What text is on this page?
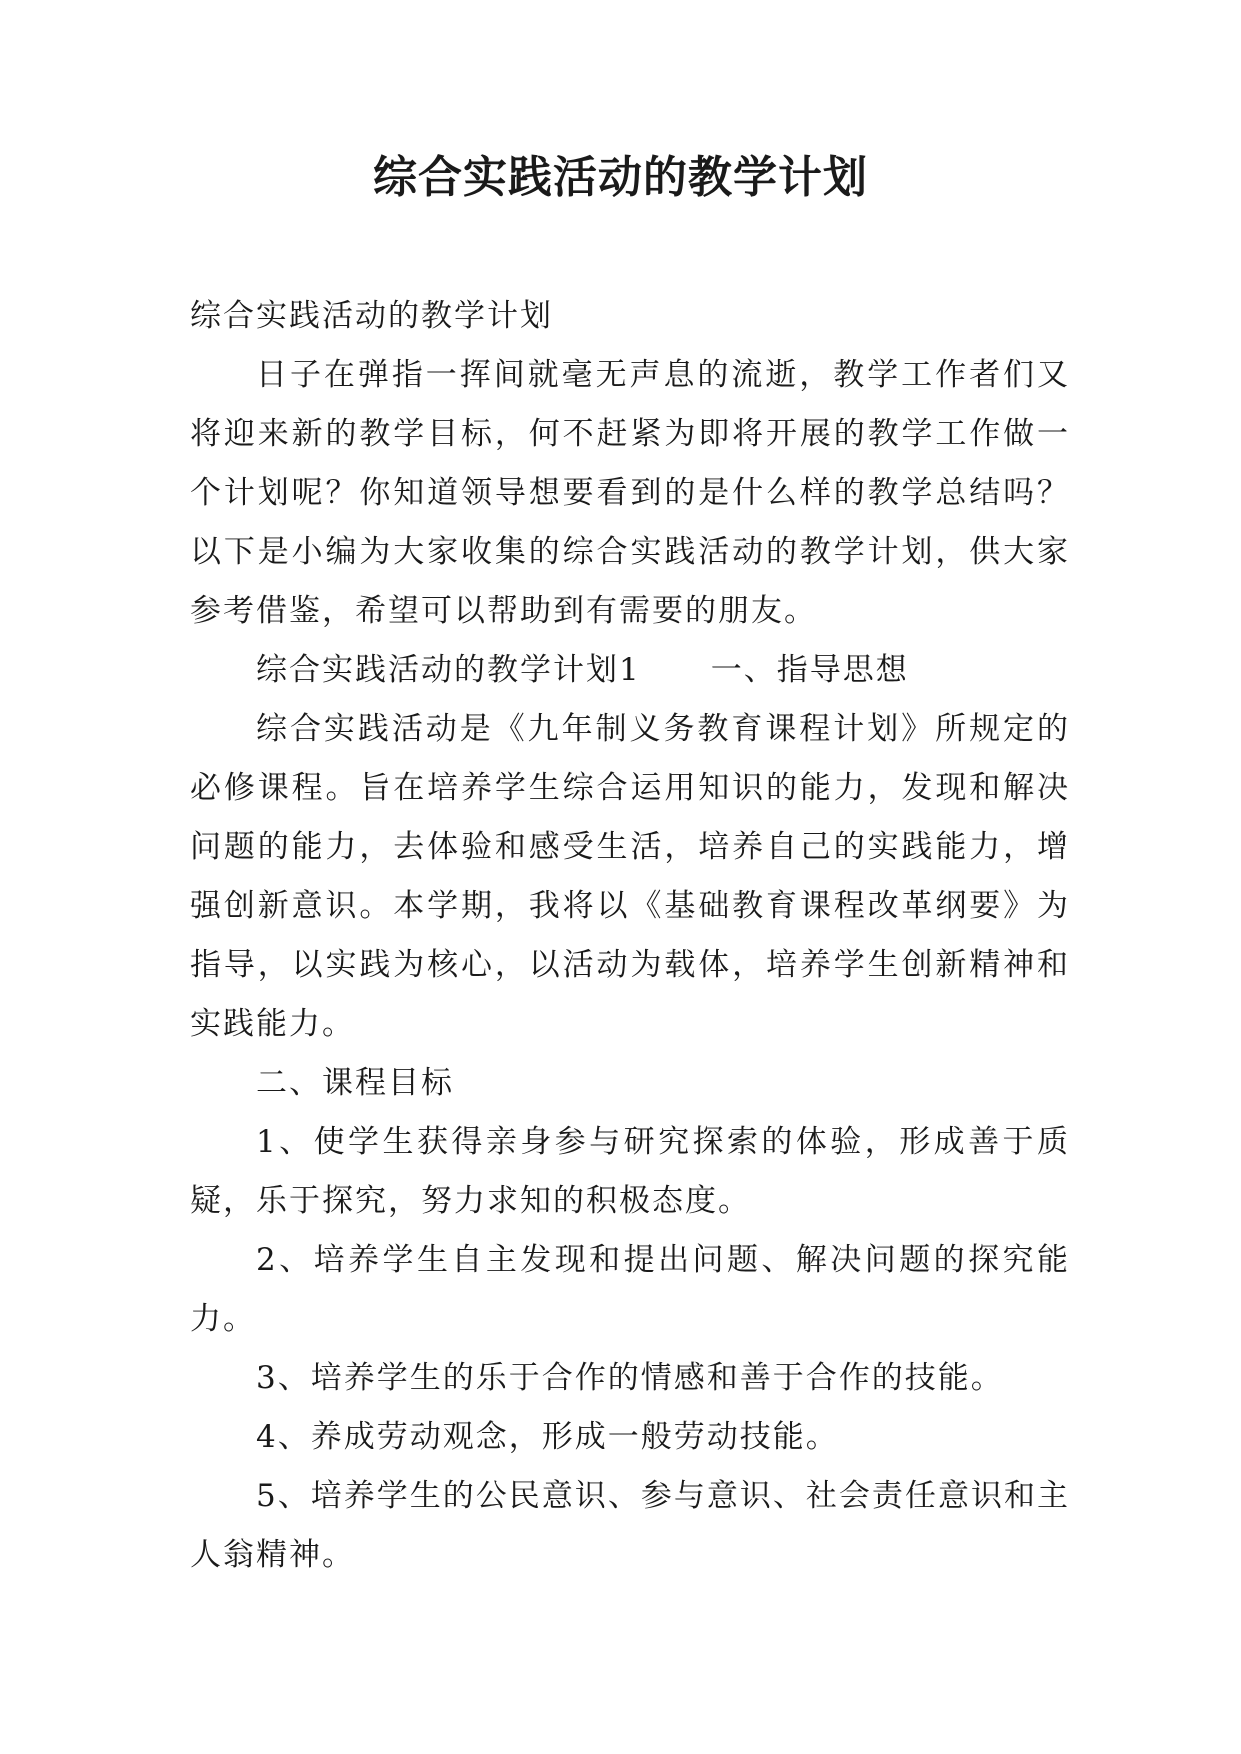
综合实践活动的教学计划

综合实践活动的教学计划

日子在弹指一挥间就毫无声息的流逝，教学工作者们又将迎来新的教学目标，何不赶紧为即将开展的教学工作做一个计划呢？你知道领导想要看到的是什么样的教学总结吗？以下是小编为大家收集的综合实践活动的教学计划，供大家参考借鉴，希望可以帮助到有需要的朋友。

综合实践活动的教学计划1 一、指导思想

综合实践活动是《九年制义务教育课程计划》所规定的必修课程。旨在培养学生综合运用知识的能力，发现和解决问题的能力，去体验和感受生活，培养自己的实践能力，增强创新意识。本学期，我将以《基础教育课程改革纲要》为指导，以实践为核心，以活动为载体，培养学生创新精神和实践能力。

二、课程目标

1、使学生获得亲身参与研究探索的体验，形成善于质疑，乐于探究，努力求知的积极态度。

2、培养学生自主发现和提出问题、解决问题的探究能力。

3、培养学生的乐于合作的情感和善于合作的技能。

4、养成劳动观念，形成一般劳动技能。

5、培养学生的公民意识、参与意识、社会责任意识和主人翁精神。
